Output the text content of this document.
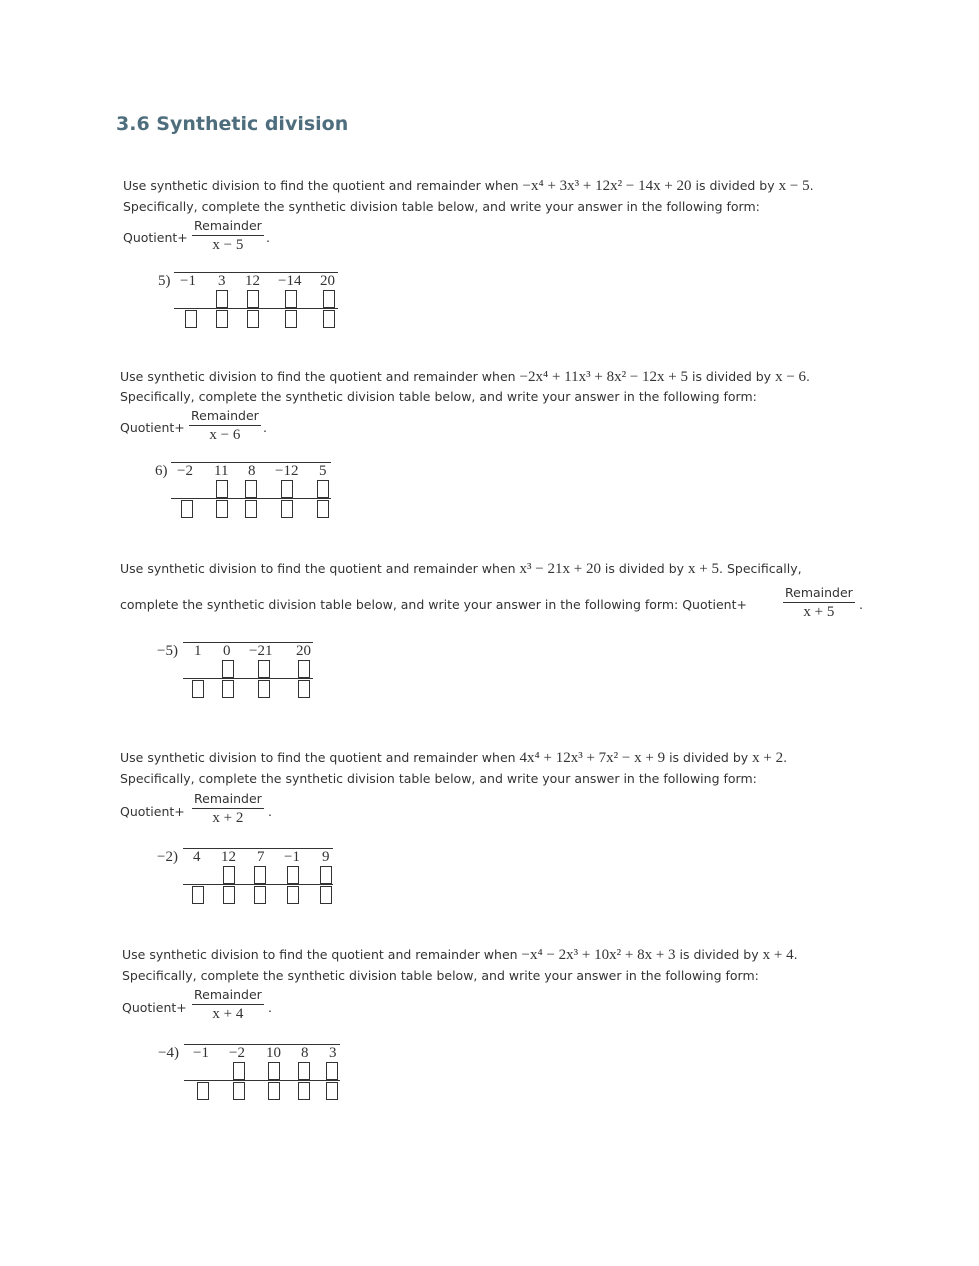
3.6 Synthetic division
Use synthetic division to find the quotient and remainder when −x⁴ + 3x³ + 12x² − 14x + 20 is divided by x − 5.
Specifically, complete the synthetic division table below, and write your answer in the following form:
Quotient+
Remainder
x − 5 .
5) −1 3 12 −14 20
Use synthetic division to find the quotient and remainder when −2x⁴ + 11x³ + 8x² − 12x + 5 is divided by x − 6.
Specifically, complete the synthetic division table below, and write your answer in the following form:
Quotient+
Remainder
x − 6 .
6) −2 11 8 −12 5
Use synthetic division to find the quotient and remainder when x³ − 21x + 20 is divided by x + 5. Specifically,
complete the synthetic division table below, and write your answer in the following form: Quotient+
Remainder
x + 5 .
−5) 1 0 −21 20
Use synthetic division to find the quotient and remainder when 4x⁴ + 12x³ + 7x² − x + 9 is divided by x + 2.
Specifically, complete the synthetic division table below, and write your answer in the following form:
Quotient+
Remainder
x + 2 .
−2) 4 12 7 −1 9
Use synthetic division to find the quotient and remainder when −x⁴ − 2x³ + 10x² + 8x + 3 is divided by x + 4.
Specifically, complete the synthetic division table below, and write your answer in the following form:
Quotient+
Remainder
x + 4 .
−4) −1 −2 10 8 3
